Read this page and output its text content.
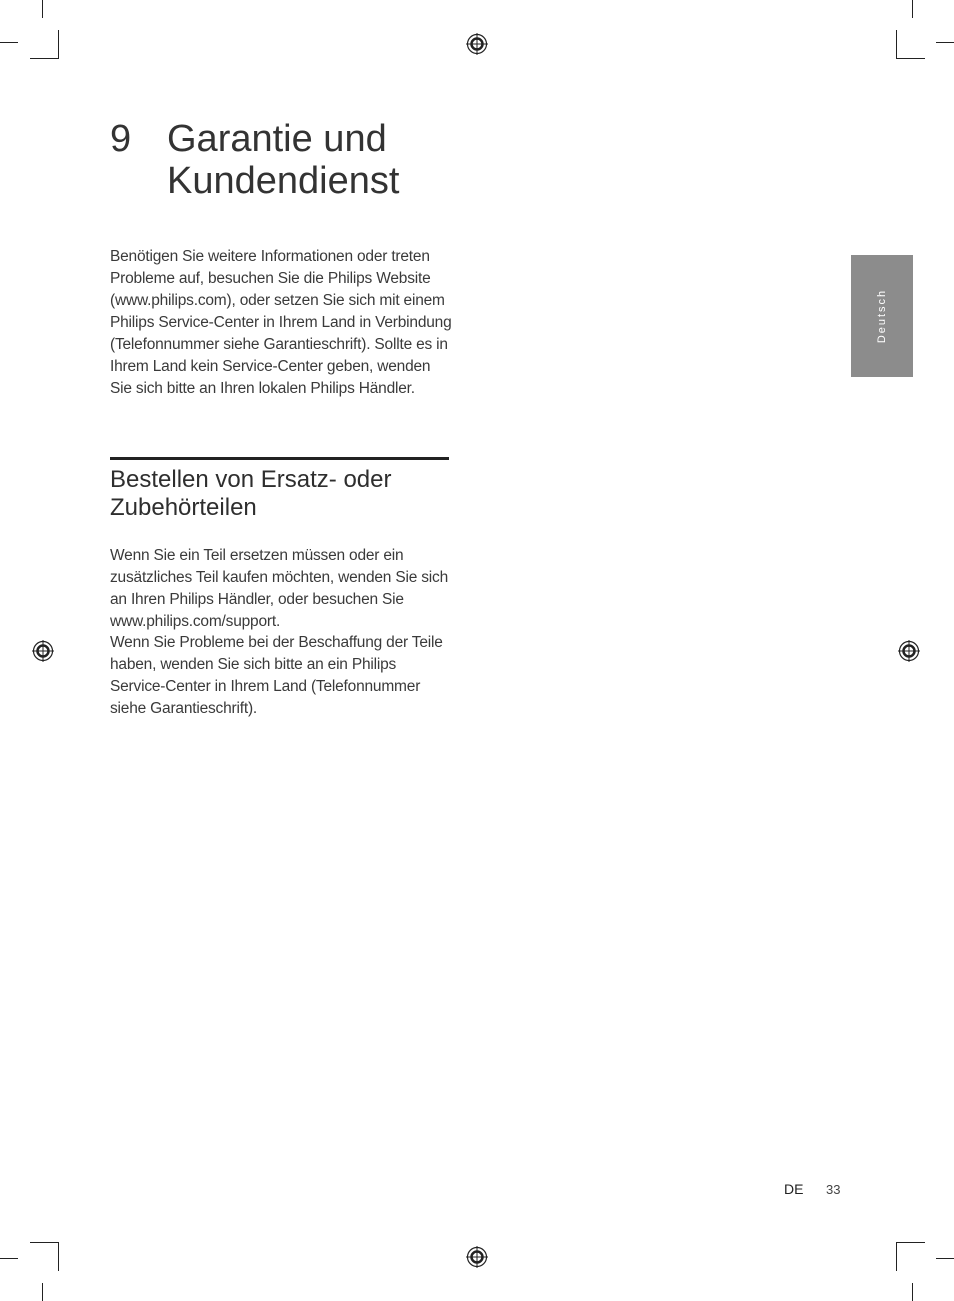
9 Garantie und Kundendienst

Benötigen Sie weitere Informationen oder treten Probleme auf, besuchen Sie die Philips Website (www.philips.com), oder setzen Sie sich mit einem Philips Service-Center in Ihrem Land in Verbindung (Telefonnummer siehe Garantieschrift). Sollte es in Ihrem Land kein Service-Center geben, wenden Sie sich bitte an Ihren lokalen Philips Händler.

Bestellen von Ersatz- oder Zubehörteilen

Wenn Sie ein Teil ersetzen müssen oder ein zusätzliches Teil kaufen möchten, wenden Sie sich an Ihren Philips Händler, oder besuchen Sie www.philips.com/support.

Wenn Sie Probleme bei der Beschaffung der Teile haben, wenden Sie sich bitte an ein Philips Service-Center in Ihrem Land (Telefonnummer siehe Garantieschrift).

Deutsch
DE 33
